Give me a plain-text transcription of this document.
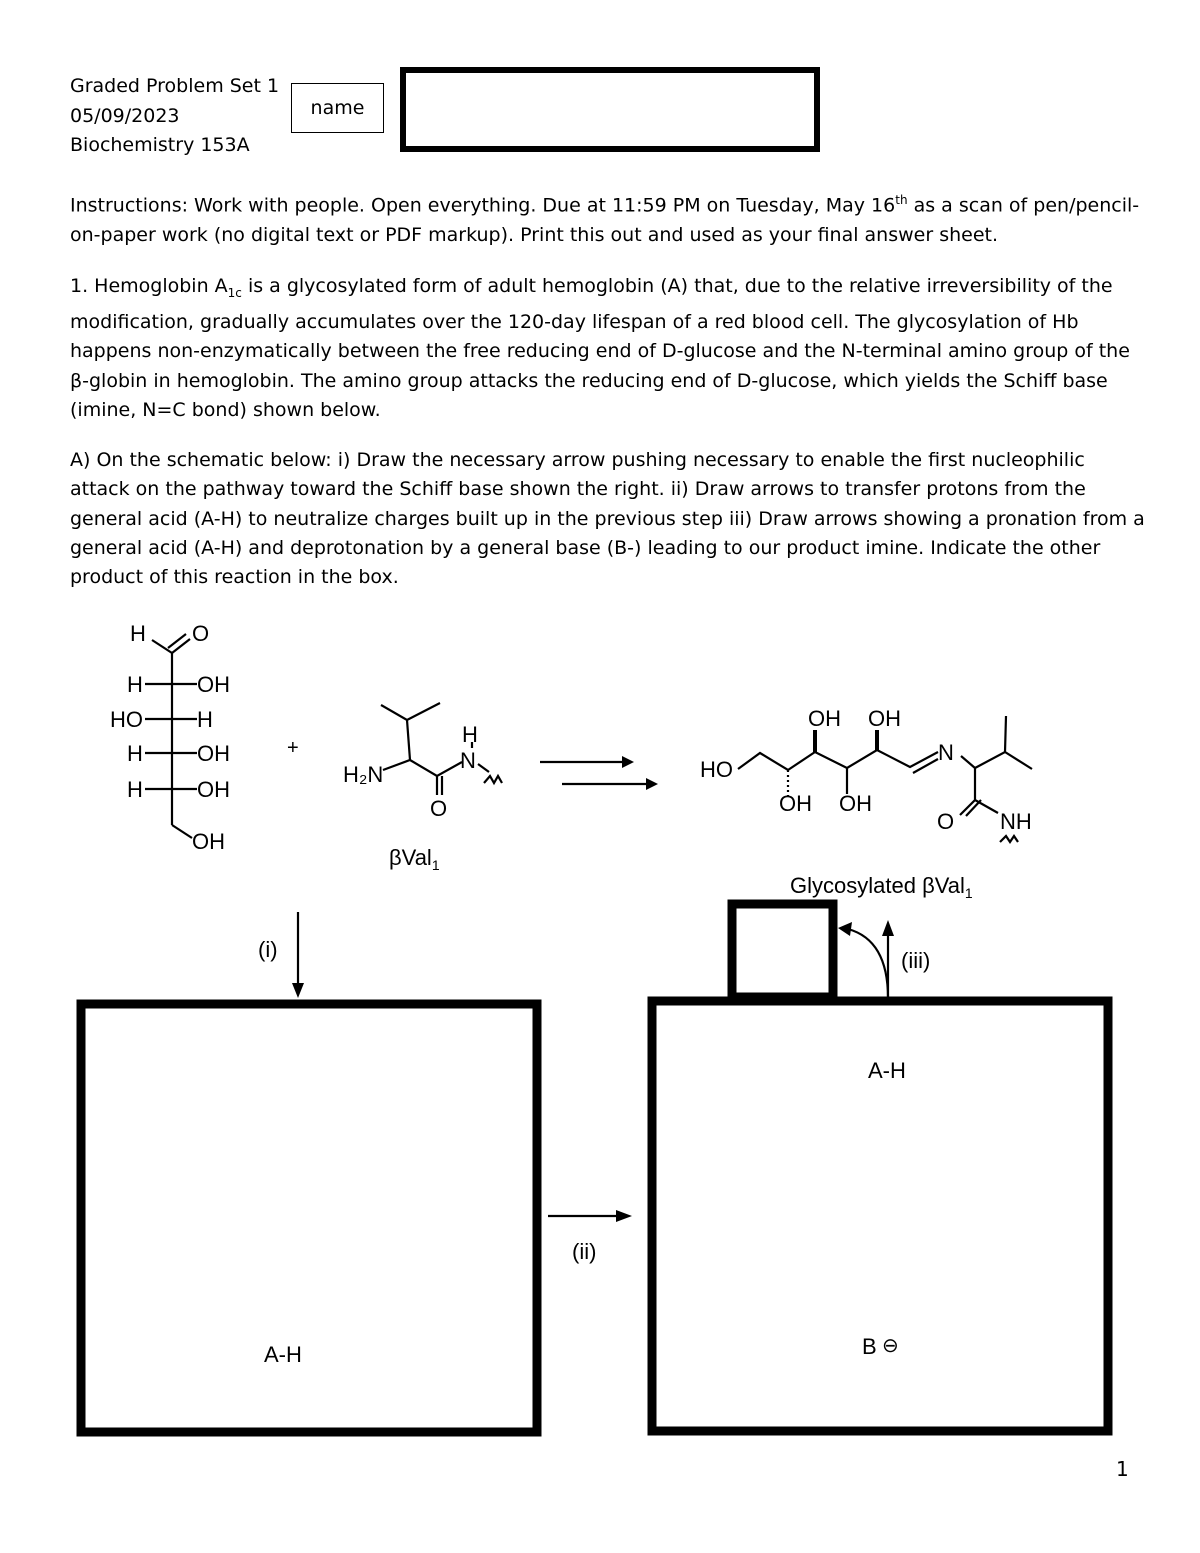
Graded Problem Set 1
05/09/2023
Biochemistry 153A
name
Instructions: Work with people. Open everything. Due at 11:59 PM on Tuesday, May 16th as a scan of pen/pencil-on-paper work (no digital text or PDF markup). Print this out and used as your final answer sheet.
1. Hemoglobin $A_{1c}$ is a glycosylated form of adult hemoglobin (A) that, due to the relative irreversibility of the modification, gradually accumulates over the 120-day lifespan of a red blood cell. The glycosylation of Hb happens non-enzymatically between the free reducing end of D-glucose and the N-terminal amino group of the β-globin in hemoglobin. The amino group attacks the reducing end of D-glucose, which yields the Schiff base (imine, N=C bond) shown below.
A) On the schematic below: i) Draw the necessary arrow pushing necessary to enable the first nucleophilic attack on the pathway toward the Schiff base shown the right. ii) Draw arrows to transfer protons from the general acid (A-H) to neutralize charges built up in the previous step iii) Draw arrows showing a pronation from a general acid (A-H) and deprotonation by a general base (B-) leading to our product imine. Indicate the other product of this reaction in the box.
H O
H OH
HO H
H OH
H OH
OH
+
H₂N
O
H
N
βVal$_1$
HO
OH OH
OH OH
N
O NH
Glycosylated βVal$_1$
(i)
(ii)
(iii)
A-H
A-H
B ⊖
1
